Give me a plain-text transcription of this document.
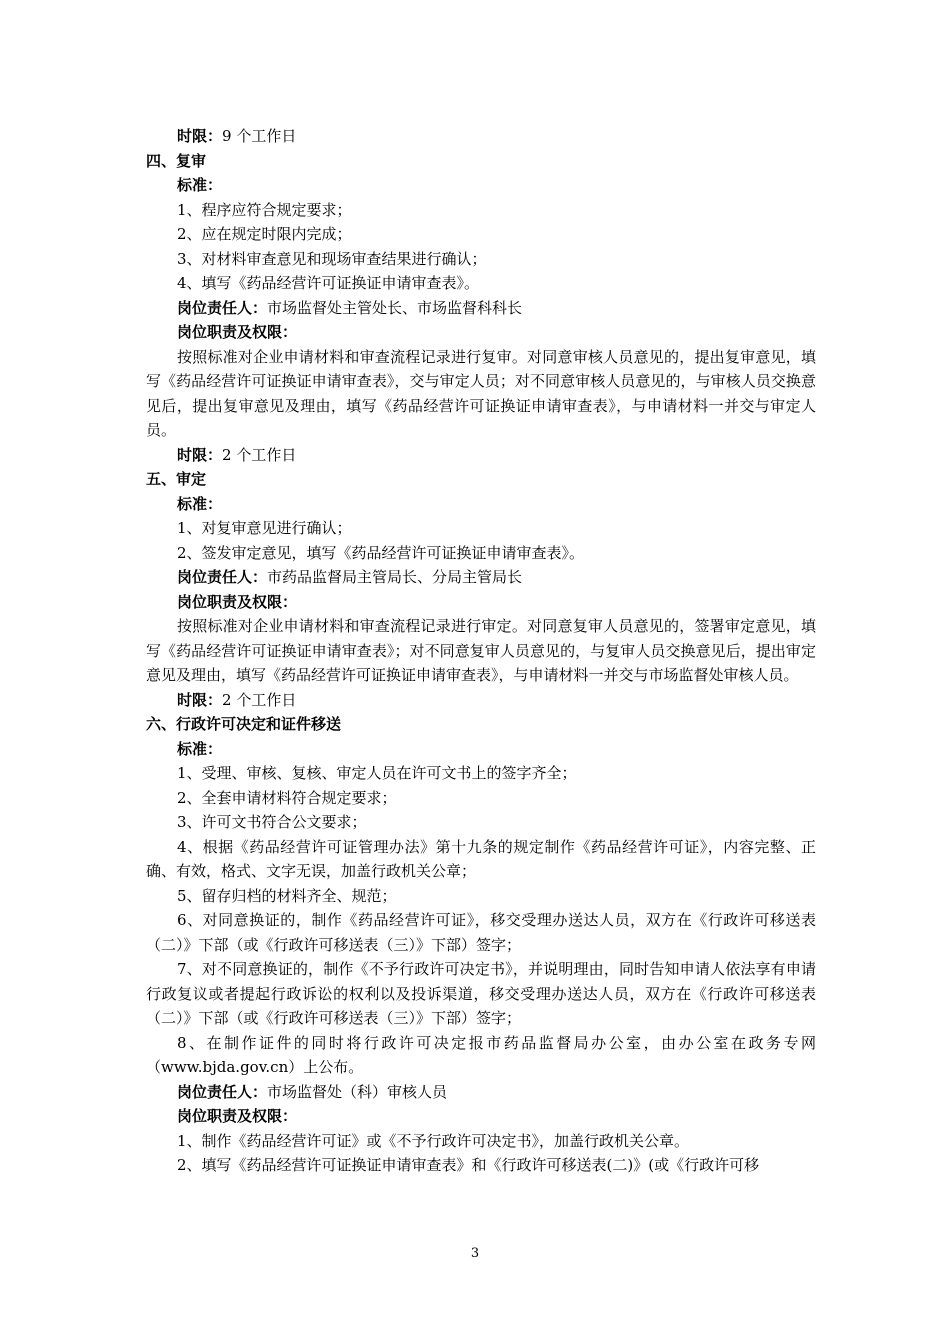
时限：9 个工作日
四、复审
标准：
1、程序应符合规定要求；
2、应在规定时限内完成；
3、对材料审查意见和现场审查结果进行确认；
4、填写《药品经营许可证换证申请审查表》。
岗位责任人：市场监督处主管处长、市场监督科科长
岗位职责及权限：
按照标准对企业申请材料和审查流程记录进行复审。对同意审核人员意见的，提出复审意见，填写《药品经营许可证换证申请审查表》，交与审定人员；对不同意审核人员意见的，与审核人员交换意见后，提出复审意见及理由，填写《药品经营许可证换证申请审查表》，与申请材料一并交与审定人员。
时限：2 个工作日
五、审定
标准：
1、对复审意见进行确认；
2、签发审定意见，填写《药品经营许可证换证申请审查表》。
岗位责任人：市药品监督局主管局长、分局主管局长
岗位职责及权限：
按照标准对企业申请材料和审查流程记录进行审定。对同意复审人员意见的，签署审定意见，填写《药品经营许可证换证申请审查表》；对不同意复审人员意见的，与复审人员交换意见后，提出审定意见及理由，填写《药品经营许可证换证申请审查表》，与申请材料一并交与市场监督处审核人员。
时限：2 个工作日
六、行政许可决定和证件移送
标准：
1、受理、审核、复核、审定人员在许可文书上的签字齐全；
2、全套申请材料符合规定要求；
3、许可文书符合公文要求；
4、根据《药品经营许可证管理办法》第十九条的规定制作《药品经营许可证》，内容完整、正确、有效，格式、文字无误，加盖行政机关公章；
5、留存归档的材料齐全、规范；
6、对同意换证的，制作《药品经营许可证》，移交受理办送达人员，双方在《行政许可移送表（二）》下部（或《行政许可移送表（三）》下部）签字；
7、对不同意换证的，制作《不予行政许可决定书》，并说明理由，同时告知申请人依法享有申请行政复议或者提起行政诉讼的权利以及投诉渠道，移交受理办送达人员，双方在《行政许可移送表（二）》下部（或《行政许可移送表（三）》下部）签字；
8、在制作证件的同时将行政许可决定报市药品监督局办公室，由办公室在政务专网（www.bjda.gov.cn）上公布。
岗位责任人：市场监督处（科）审核人员
岗位职责及权限：
1、制作《药品经营许可证》或《不予行政许可决定书》，加盖行政机关公章。
2、填写《药品经营许可证换证申请审查表》和《行政许可移送表(二)》(或《行政许可移
3
